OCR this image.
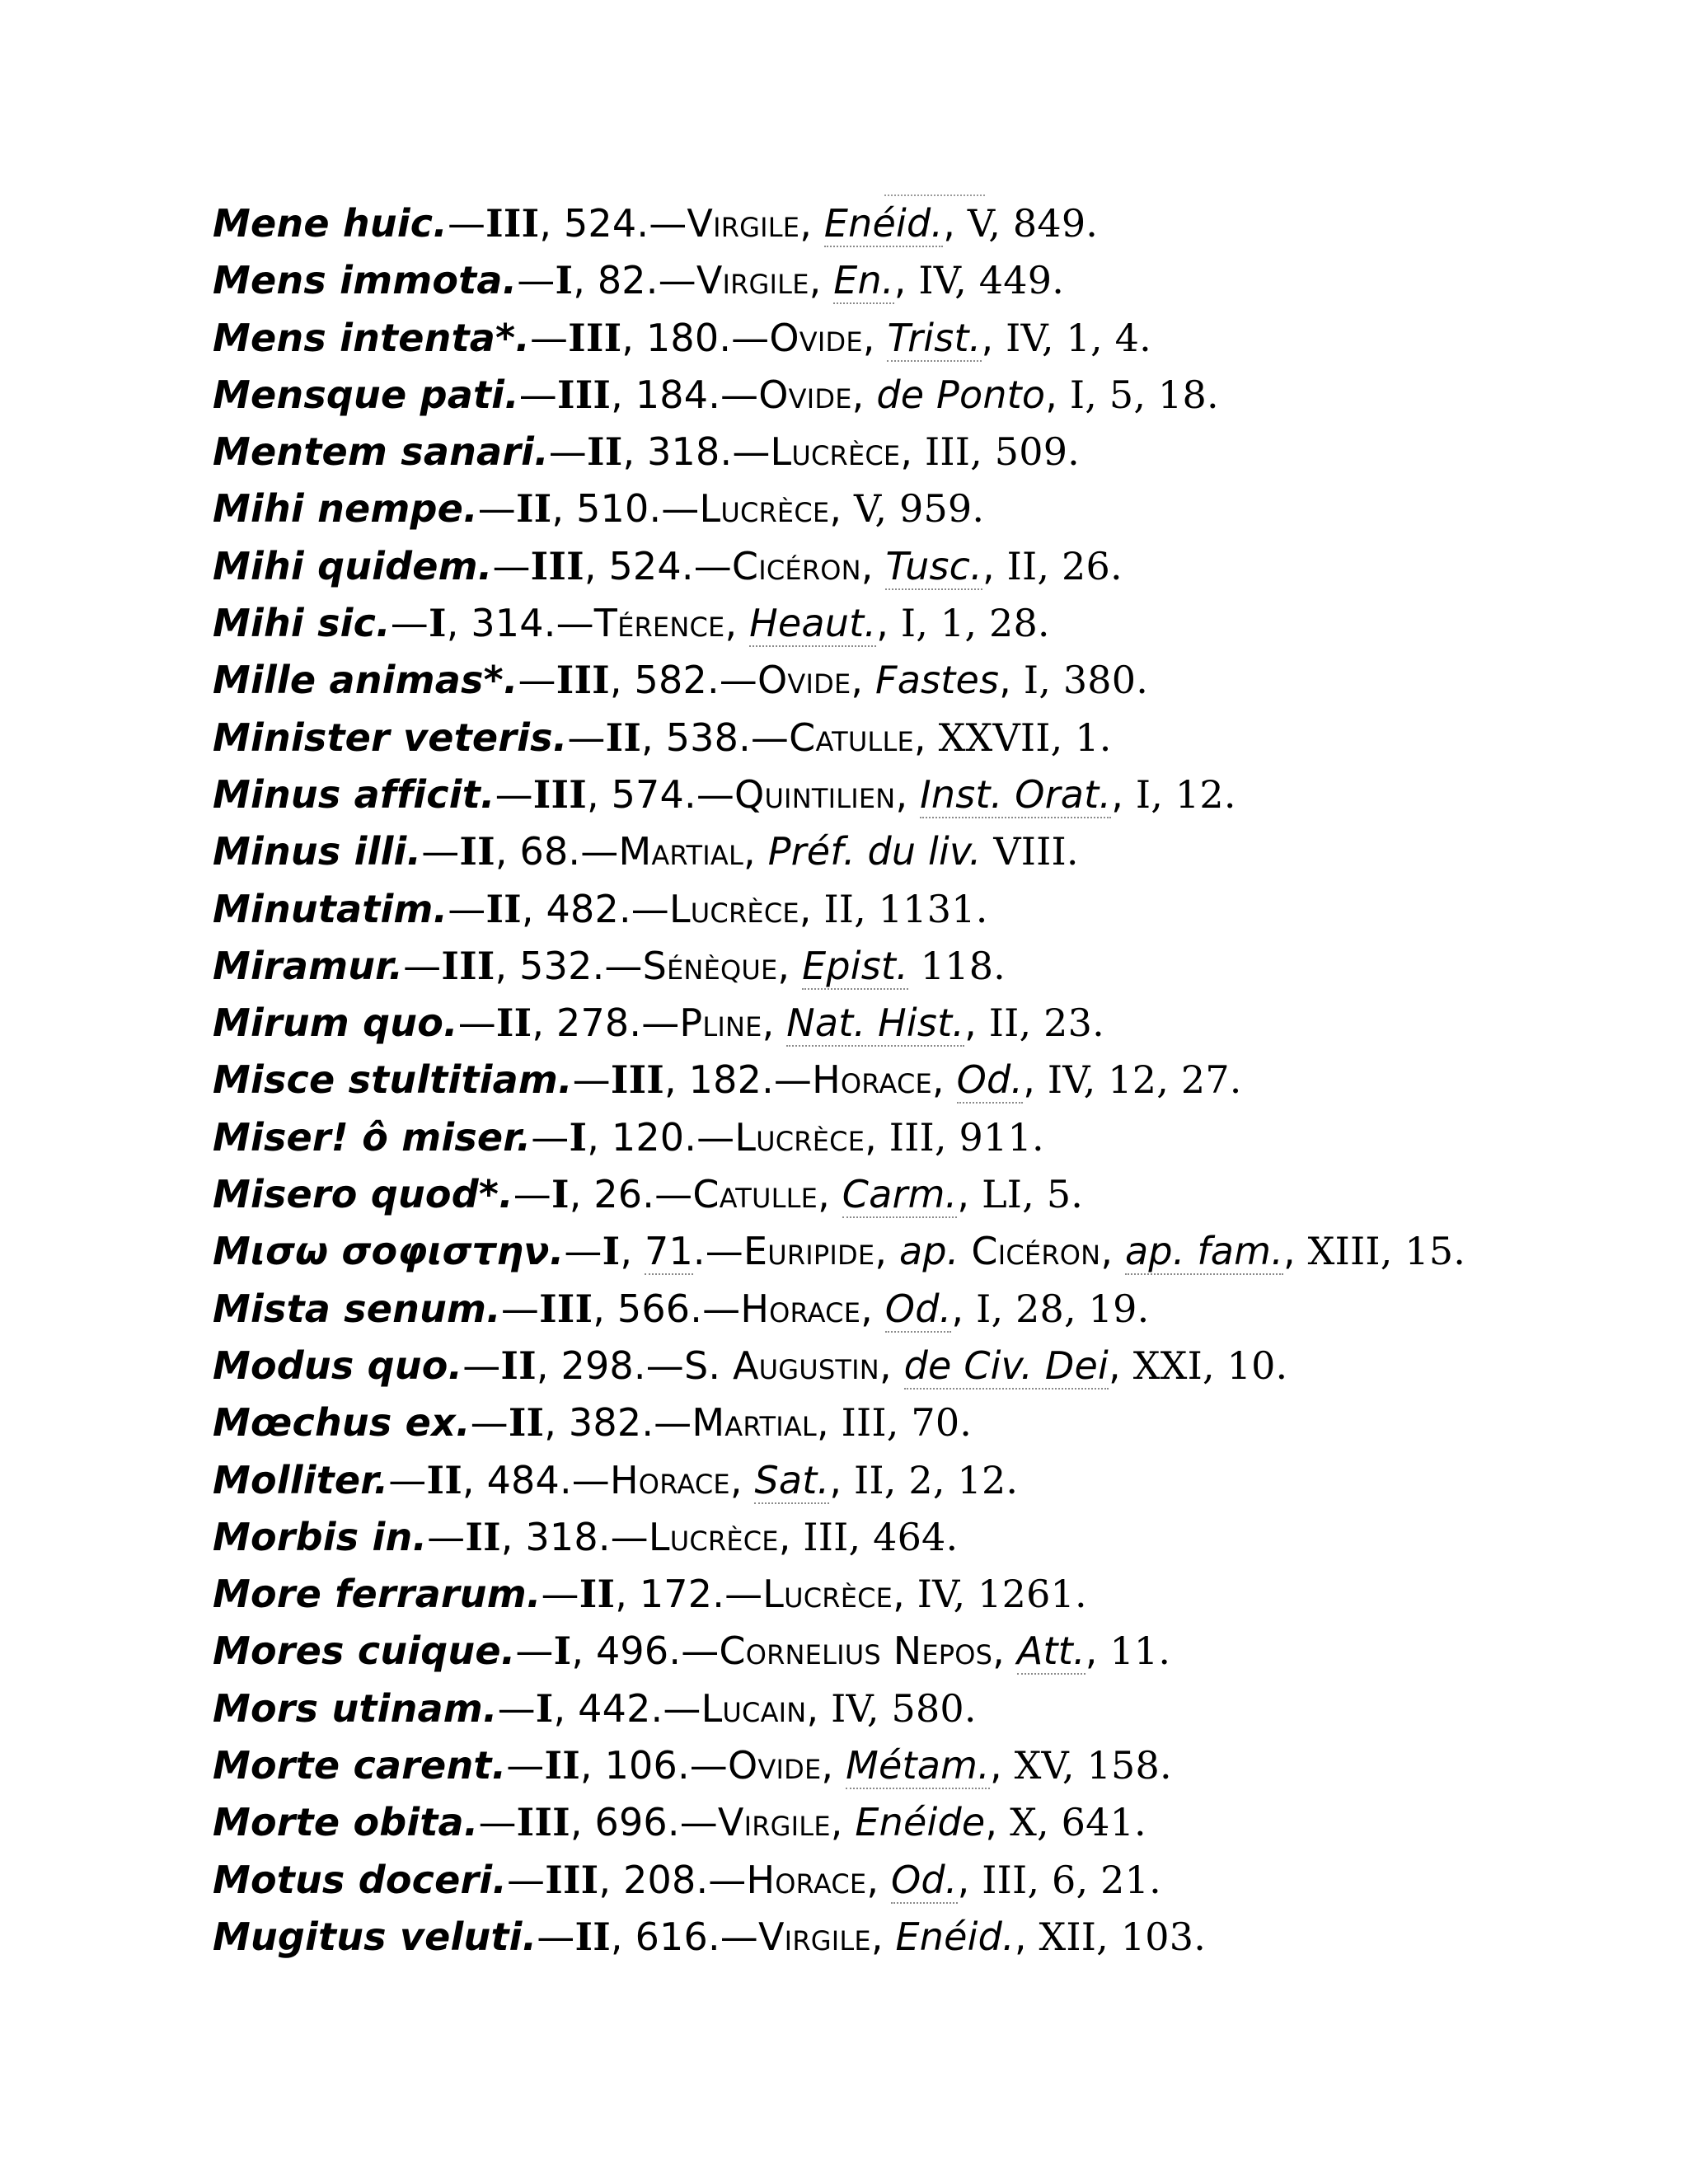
Mene huic.—III, 524.—Virgile, Enéid., V, 849.
Mens immota.—I, 82.—Virgile, En., IV, 449.
Mens intenta*.—III, 180.—Ovide, Trist., IV, 1, 4.
Mensque pati.—III, 184.—Ovide, de Ponto, I, 5, 18.
Mentem sanari.—II, 318.—Lucrèce, III, 509.
Mihi nempe.—II, 510.—Lucrèce, V, 959.
Mihi quidem.—III, 524.—Cicéron, Tusc., II, 26.
Mihi sic.—I, 314.—Térence, Heaut., I, 1, 28.
Mille animas*.—III, 582.—Ovide, Fastes, I, 380.
Minister veteris.—II, 538.—Catulle, XXVII, 1.
Minus afficit.—III, 574.—Quintilien, Inst. Orat., I, 12.
Minus illi.—II, 68.—Martial, Préf. du liv. VIII.
Minutatim.—II, 482.—Lucrèce, II, 1131.
Miramur.—III, 532.—Sénèque, Epist. 118.
Mirum quo.—II, 278.—Pline, Nat. Hist., II, 23.
Misce stultitiam.—III, 182.—Horace, Od., IV, 12, 27.
Miser! ô miser.—I, 120.—Lucrèce, III, 911.
Misero quod*.—I, 26.—Catulle, Carm., LI, 5.
Μισω σοφιστην.—I, 71.—Euripide, ap. Cicéron, ap. fam., XIII, 15.
Mista senum.—III, 566.—Horace, Od., I, 28, 19.
Modus quo.—II, 298.—S. Augustin, de Civ. Dei, XXI, 10.
Mœchus ex.—II, 382.—Martial, III, 70.
Molliter.—II, 484.—Horace, Sat., II, 2, 12.
Morbis in.—II, 318.—Lucrèce, III, 464.
More ferrarum.—II, 172.—Lucrèce, IV, 1261.
Mores cuique.—I, 496.—Cornelius Nepos, Att., 11.
Mors utinam.—I, 442.—Lucain, IV, 580.
Morte carent.—II, 106.—Ovide, Métam., XV, 158.
Morte obita.—III, 696.—Virgile, Enéide, X, 641.
Motus doceri.—III, 208.—Horace, Od., III, 6, 21.
Mugitus veluti.—II, 616.—Virgile, Enéid., XII, 103.
